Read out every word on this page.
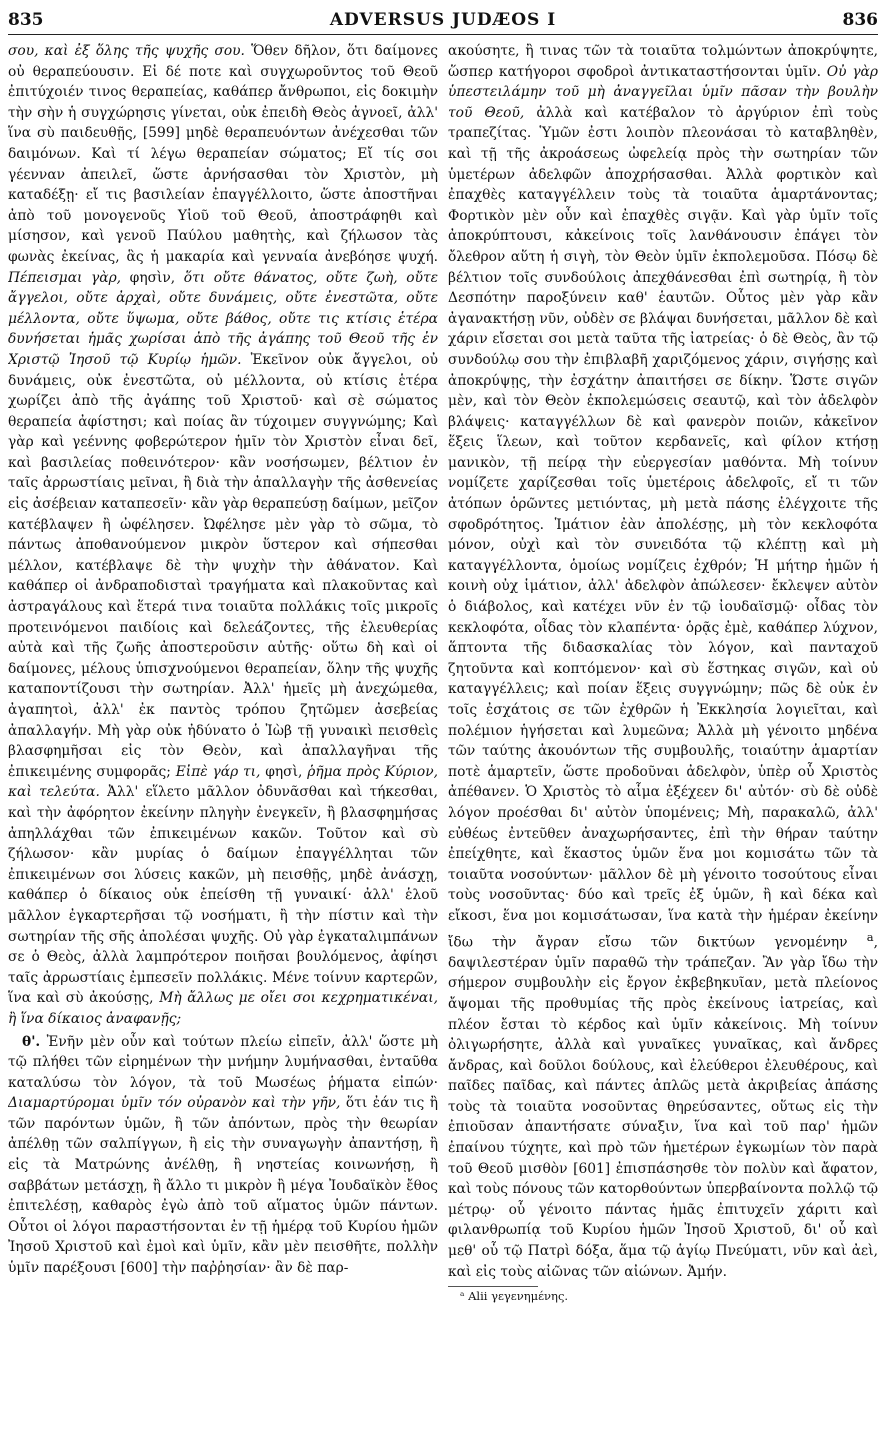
835	ADVERSUS JUDÆOS I	836

σου, καὶ ἐξ ὅλης τῆς ψυχῆς σου. Ὅθεν δῆλον, ὅτι δαίμονες οὐ θεραπεύουσιν. Εἰ δέ ποτε καὶ συγχωροῦντος τοῦ Θεοῦ ἐπιτύχοιέν τινος θεραπείας, καθάπερ ἄνθρωποι, εἰς δοκιμὴν τὴν σὴν ἡ συγχώρησις γίνεται, οὐκ ἐπειδὴ Θεὸς ἀγνοεῖ, ἀλλ' ἵνα σὺ παιδευθῇς, [599] μηδὲ θεραπευόντων ἀνέχεσθαι τῶν δαιμόνων. Καὶ τί λέγω θεραπείαν σώματος; Εἴ τίς σοι γέενναν ἀπειλεῖ, ὥστε ἀρνήσασθαι τὸν Χριστὸν, μὴ καταδέξῃ· εἴ τις βασιλείαν ἐπαγγέλλοιτο, ὥστε ἀποστῆναι ἀπὸ τοῦ μονογενοῦς Υἱοῦ τοῦ Θεοῦ, ἀποστράφηθι καὶ μίσησον, καὶ γενοῦ Παύλου μαθητὴς, καὶ ζήλωσον τὰς φωνὰς ἐκείνας, ἃς ἡ μακαρία καὶ γενναία ἀνεβόησε ψυχή. Πέπεισμαι γὰρ, φησὶν, ὅτι οὔτε θάνατος, οὔτε ζωὴ, οὔτε ἄγγελοι, οὔτε ἀρχαὶ, οὔτε δυνάμεις, οὔτε ἐνεστῶτα, οὔτε μέλλοντα, οὔτε ὕψωμα, οὔτε βάθος, οὔτε τις κτίσις ἑτέρα δυνήσεται ἡμᾶς χωρίσαι ἀπὸ τῆς ἀγάπης τοῦ Θεοῦ τῆς ἐν Χριστῷ Ἰησοῦ τῷ Κυρίῳ ἡμῶν. Ἐκεῖνον οὐκ ἄγγελοι, οὐ δυνάμεις, οὐκ ἐνεστῶτα, οὐ μέλλοντα, οὐ κτίσις ἑτέρα χωρίζει ἀπὸ τῆς ἀγάπης τοῦ Χριστοῦ· καὶ σὲ σώματος θεραπεία ἀφίστησι; καὶ ποίας ἂν τύχοιμεν συγγνώμης; Καὶ γὰρ καὶ γεέννης φοβερώτερον ἡμῖν τὸν Χριστὸν εἶναι δεῖ, καὶ βασιλείας ποθεινότερον· κἂν νοσήσωμεν, βέλτιον ἐν ταῖς ἀρρωστίαις μεῖναι, ἢ διὰ τὴν ἀπαλλαγὴν τῆς ἀσθενείας εἰς ἀσέβειαν καταπεσεῖν· κἂν γὰρ θεραπεύσῃ δαίμων, μεῖζον κατέβλαψεν ἢ ὠφέλησεν. Ὠφέλησε μὲν γὰρ τὸ σῶμα, τὸ πάντως ἀποθανούμενον μικρὸν ὕστερον καὶ σήπεσθαι μέλλον, κατέβλαψε δὲ τὴν ψυχὴν τὴν ἀθάνατον. Καὶ καθάπερ οἱ ἀνδραποδισταὶ τραγήματα καὶ πλακοῦντας καὶ ἀστραγάλους καὶ ἕτερά τινα τοιαῦτα πολλάκις τοῖς μικροῖς προτεινόμενοι παιδίοις καὶ δελεάζοντες, τῆς ἐλευθερίας αὐτὰ καὶ τῆς ζωῆς ἀποστεροῦσιν αὐτῆς· οὕτω δὴ καὶ οἱ δαίμονες, μέλους ὑπισχνούμενοι θεραπείαν, ὅλην τῆς ψυχῆς καταποντίζουσι τὴν σωτηρίαν. Ἀλλ' ἡμεῖς μὴ ἀνεχώμεθα, ἀγαπητοὶ, ἀλλ' ἐκ παντὸς τρόπου ζητῶμεν ἀσεβείας ἀπαλλαγήν. Μὴ γὰρ οὐκ ἠδύνατο ὁ Ἰὼβ τῇ γυναικὶ πεισθεὶς βλασφημῆσαι εἰς τὸν Θεὸν, καὶ ἀπαλλαγῆναι τῆς ἐπικειμένης συμφορᾶς; Εἰπὲ γάρ τι, φησὶ, ῥῆμα πρὸς Κύριον, καὶ τελεύτα. Ἀλλ' εἵλετο μᾶλλον ὀδυνᾶσθαι καὶ τήκεσθαι, καὶ τὴν ἀφόρητον ἐκείνην πληγὴν ἐνεγκεῖν, ἢ βλασφημήσας ἀπηλλάχθαι τῶν ἐπικειμένων κακῶν. Τοῦτον καὶ σὺ ζήλωσον· κἂν μυρίας ὁ δαίμων ἐπαγγέλληται τῶν ἐπικειμένων σοι λύσεις κακῶν, μὴ πεισθῇς, μηδὲ ἀνάσχῃ, καθάπερ ὁ δίκαιος οὐκ ἐπείσθη τῇ γυναικί· ἀλλ' ἑλοῦ μᾶλλον ἐγκαρτερῆσαι τῷ νοσήματι, ἢ τὴν πίστιν καὶ τὴν σωτηρίαν τῆς σῆς ἀπολέσαι ψυχῆς. Οὐ γὰρ ἐγκαταλιμπάνων σε ὁ Θεὸς, ἀλλὰ λαμπρότερον ποιῆσαι βουλόμενος, ἀφίησι ταῖς ἀρρωστίαις ἐμπεσεῖν πολλάκις. Μένε τοίνυν καρτερῶν, ἵνα καὶ σὺ ἀκούσῃς, Μὴ ἄλλως με οἴει σοι κεχρηματικέναι, ἢ ἵνα δίκαιος ἀναφανῇς;

θ'. Ἐνῆν μὲν οὖν καὶ τούτων πλείω εἰπεῖν, ἀλλ' ὥστε μὴ τῷ πλήθει τῶν εἰρημένων τὴν μνήμην λυμήνασθαι, ἐνταῦθα καταλύσω τὸν λόγον, τὰ τοῦ Μωσέως ῥήματα εἰπών· Διαμαρτύρομαι ὑμῖν τόν οὐρανὸν καὶ τὴν γῆν, ὅτι ἐάν τις ἢ τῶν παρόντων ὑμῶν, ἢ τῶν ἀπόντων, πρὸς τὴν θεωρίαν ἀπέλθῃ τῶν σαλπίγγων, ἢ εἰς τὴν συναγωγὴν ἀπαντήσῃ, ἢ εἰς τὰ Ματρώνης ἀνέλθῃ, ἢ νηστείας κοινωνήσῃ, ἢ σαββάτων μετάσχῃ, ἢ ἄλλο τι μικρὸν ἢ μέγα Ἰουδαϊκὸν ἔθος ἐπιτελέσῃ, καθαρὸς ἐγὼ ἀπὸ τοῦ αἵματος ὑμῶν πάντων. Οὗτοι οἱ λόγοι παραστήσονται ἐν τῇ ἡμέρᾳ τοῦ Κυρίου ἡμῶν Ἰησοῦ Χριστοῦ καὶ ἐμοὶ καὶ ὑμῖν, κἂν μὲν πεισθῆτε, πολλὴν ὑμῖν παρέξουσι [600] τὴν παῤῥησίαν· ἂν δὲ παρ-

ακούσητε, ἢ τινας τῶν τὰ τοιαῦτα τολμώντων ἀποκρύψητε, ὥσπερ κατήγοροι σφοδροὶ ἀντικαταστήσονται ὑμῖν. Οὐ γὰρ ὑπεστειλάμην τοῦ μὴ ἀναγγεῖλαι ὑμῖν πᾶσαν τὴν βουλὴν τοῦ Θεοῦ, ἀλλὰ καὶ κατέβαλον τὸ ἀργύριον ἐπὶ τοὺς τραπεζίτας. Ὑμῶν ἐστι λοιπὸν πλεονάσαι τὸ καταβληθὲν, καὶ τῇ τῆς ἀκροάσεως ὠφελείᾳ πρὸς τὴν σωτηρίαν τῶν ὑμετέρων ἀδελφῶν ἀποχρήσασθαι. Ἀλλὰ φορτικὸν καὶ ἐπαχθὲς καταγγέλλειν τοὺς τὰ τοιαῦτα ἁμαρτάνοντας; Φορτικὸν μὲν οὖν καὶ ἐπαχθὲς σιγᾷν. Καὶ γὰρ ὑμῖν τοῖς ἀποκρύπτουσι, κἀκείνοις τοῖς λανθάνουσιν ἐπάγει τὸν ὄλεθρον αὕτη ἡ σιγὴ, τὸν Θεὸν ὑμῖν ἐκπολεμοῦσα. Πόσῳ δὲ βέλτιον τοῖς συνδούλοις ἀπεχθάνεσθαι ἐπὶ σωτηρίᾳ, ἢ τὸν Δεσπότην παροξύνειν καθ' ἑαυτῶν. Οὗτος μὲν γὰρ κἂν ἀγανακτήσῃ νῦν, οὐδὲν σε βλάψαι δυνήσεται, μᾶλλον δὲ καὶ χάριν εἴσεται σοι μετὰ ταῦτα τῆς ἰατρείας· ὁ δὲ Θεὸς, ἂν τῷ συνδούλῳ σου τὴν ἐπιβλαβῆ χαριζόμενος χάριν, σιγήσῃς καὶ ἀποκρύψῃς, τὴν ἐσχάτην ἀπαιτήσει σε δίκην. Ὥστε σιγῶν μὲν, καὶ τὸν Θεὸν ἐκπολεμώσεις σεαυτῷ, καὶ τὸν ἀδελφὸν βλάψεις· καταγγέλλων δὲ καὶ φανερὸν ποιῶν, κἀκεῖνον ἕξεις ἵλεων, καὶ τοῦτον κερδανεῖς, καὶ φίλον κτήσῃ μανικὸν, τῇ πείρᾳ τὴν εὐεργεσίαν μαθόντα. Μὴ τοίνυν νομίζετε χαρίζεσθαι τοῖς ὑμετέροις ἀδελφοῖς, εἴ τι τῶν ἀτόπων ὁρῶντες μετιόντας, μὴ μετὰ πάσης ἐλέγχοιτε τῆς σφοδρότητος. Ἱμάτιον ἐὰν ἀπολέσῃς, μὴ τὸν κεκλοφότα μόνον, οὐχὶ καὶ τὸν συνειδότα τῷ κλέπτῃ καὶ μὴ καταγγέλλοντα, ὁμοίως νομίζεις ἐχθρόν; Ἡ μήτηρ ἡμῶν ἡ κοινὴ οὐχ ἱμάτιον, ἀλλ' ἀδελφὸν ἀπώλεσεν· ἔκλεψεν αὐτὸν ὁ διάβολος, καὶ κατέχει νῦν ἐν τῷ ἰουδαϊσμῷ· οἶδας τὸν κεκλοφότα, οἶδας τὸν κλαπέντα· ὁρᾷς ἐμὲ, καθάπερ λύχνον, ἅπτοντα τῆς διδασκαλίας τὸν λόγον, καὶ πανταχοῦ ζητοῦντα καὶ κοπτόμενον· καὶ σὺ ἕστηκας σιγῶν, καὶ οὐ καταγγέλλεις; καὶ ποίαν ἕξεις συγγνώμην; πῶς δὲ οὐκ ἐν τοῖς ἐσχάτοις σε τῶν ἐχθρῶν ἡ Ἐκκλησία λογιεῖται, καὶ πολέμιον ἡγήσεται καὶ λυμεῶνα; Ἀλλὰ μὴ γένοιτο μηδένα τῶν ταύτης ἀκουόντων τῆς συμβουλῆς, τοιαύτην ἁμαρτίαν ποτὲ ἁμαρτεῖν, ὥστε προδοῦναι ἀδελφὸν, ὑπὲρ οὗ Χριστὸς ἀπέθανεν. Ὁ Χριστὸς τὸ αἷμα ἐξέχεεν δι' αὐτόν· σὺ δὲ οὐδὲ λόγον προέσθαι δι' αὐτὸν ὑπομένεις; Μὴ, παρακαλῶ, ἀλλ' εὐθέως ἐντεῦθεν ἀναχωρήσαντες, ἐπὶ τὴν θήραν ταύτην ἐπείχθητε, καὶ ἕκαστος ὑμῶν ἕνα μοι κομισάτω τῶν τὰ τοιαῦτα νοσούντων· μᾶλλον δὲ μὴ γένοιτο τοσούτους εἶναι τοὺς νοσοῦντας· δύο καὶ τρεῖς ἐξ ὑμῶν, ἢ καὶ δέκα καὶ εἴκοσι, ἕνα μοι κομισάτωσαν, ἵνα κατὰ τὴν ἡμέραν ἐκείνην ἴδω τὴν ἄγραν εἴσω τῶν δικτύων γενομένην $^a$, δαψιλεστέραν ὑμῖν παραθῶ τὴν τράπεζαν. Ἂν γὰρ ἴδω τὴν σήμερον συμβουλὴν εἰς ἔργον ἐκβεβηκυῖαν, μετὰ πλείονος ἄψομαι τῆς προθυμίας τῆς πρὸς ἐκείνους ἰατρείας, καὶ πλέον ἔσται τὸ κέρδος καὶ ὑμῖν κἀκείνοις. Μὴ τοίνυν ὀλιγωρήσητε, ἀλλὰ καὶ γυναῖκες γυναῖκας, καὶ ἄνδρες ἄνδρας, καὶ δοῦλοι δούλους, καὶ ἐλεύθεροι ἐλευθέρους, καὶ παῖδες παῖδας, καὶ πάντες ἁπλῶς μετὰ ἀκριβείας ἁπάσης τοὺς τὰ τοιαῦτα νοσοῦντας θηρεύσαντες, οὕτως εἰς τὴν ἐπιοῦσαν ἀπαντήσατε σύναξιν, ἵνα καὶ τοῦ παρ' ἡμῶν ἐπαίνου τύχητε, καὶ πρὸ τῶν ἡμετέρων ἐγκωμίων τὸν παρὰ τοῦ Θεοῦ μισθὸν [601] ἐπισπάσησθε τὸν πολὺν καὶ ἄφατον, καὶ τοὺς πόνους τῶν κατορθούντων ὑπερβαίνοντα πολλῷ τῷ μέτρῳ· οὗ γένοιτο πάντας ἡμᾶς ἐπιτυχεῖν χάριτι καὶ φιλανθρωπίᾳ τοῦ Κυρίου ἡμῶν Ἰησοῦ Χριστοῦ, δι' οὗ καὶ μεθ' οὗ τῷ Πατρὶ δόξα, ἅμα τῷ ἁγίῳ Πνεύματι, νῦν καὶ ἀεὶ, καὶ εἰς τοὺς αἰῶνας τῶν αἰώνων. Ἀμήν.

ᵃ Alii γεγενημένης.
